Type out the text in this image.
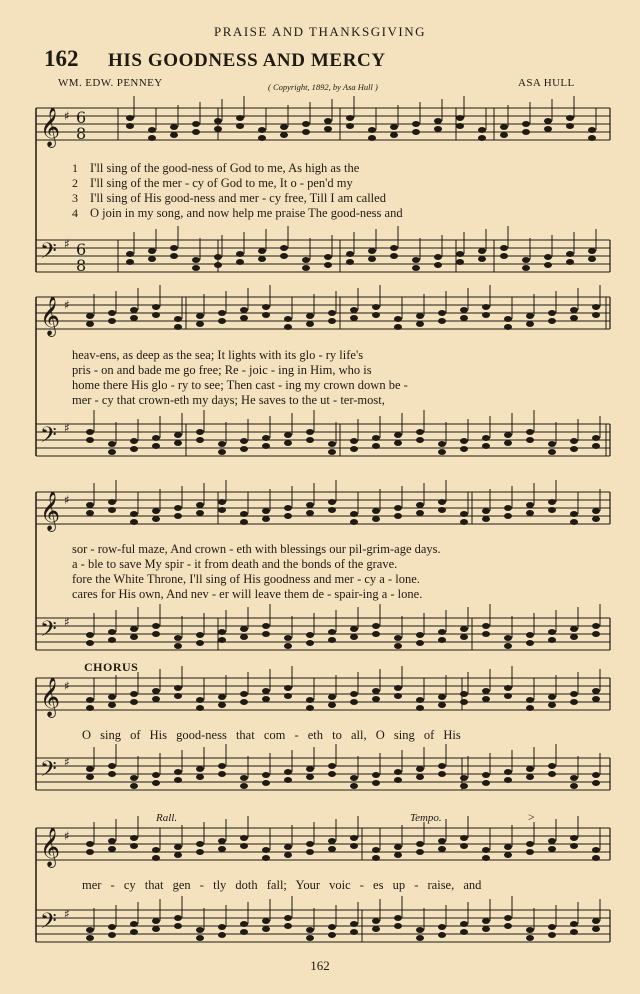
PRAISE AND THANKSGIVING
162 HIS GOODNESS AND MERCY
WM. EDW. PENNEY	( Copyright, 1892, by Asa Hull )	ASA HULL
𝄞
𝄢
♯
♯
6
8
6
8
𝄞
𝄢
♯
♯
𝄞
𝄢
♯
♯
𝄞
𝄢
♯
♯
𝄞
𝄢
♯
♯
1 I'll sing of the good-ness of God to me, As high as the
2 I'll sing of the mer - cy of God to me, It o - pen'd my
3 I'll sing of His good-ness and mer - cy free, Till I am called
4 O join in my song, and now help me praise The good-ness and
heav-ens, as deep as the sea; It lights with its glo - ry life's
pris - on and bade me go free; Re - joic - ing in Him, who is
home there His glo - ry to see; Then cast - ing my crown down be -
mer - cy that crown-eth my days; He saves to the ut - ter-most,
sor - row-ful maze, And crown - eth with blessings our pil-grim-age days.
a - ble to save My spir - it from death and the bonds of the grave.
fore the White Throne, I'll sing of His goodness and mer - cy a - lone.
cares for His own, And nev - er will leave them de - spair-ing a - lone.
CHORUS
O sing of His good-ness that com - eth to all, O sing of His
Rall.	Tempo.	>
mer - cy that gen - tly doth fall; Your voic - es up - raise, and
162
